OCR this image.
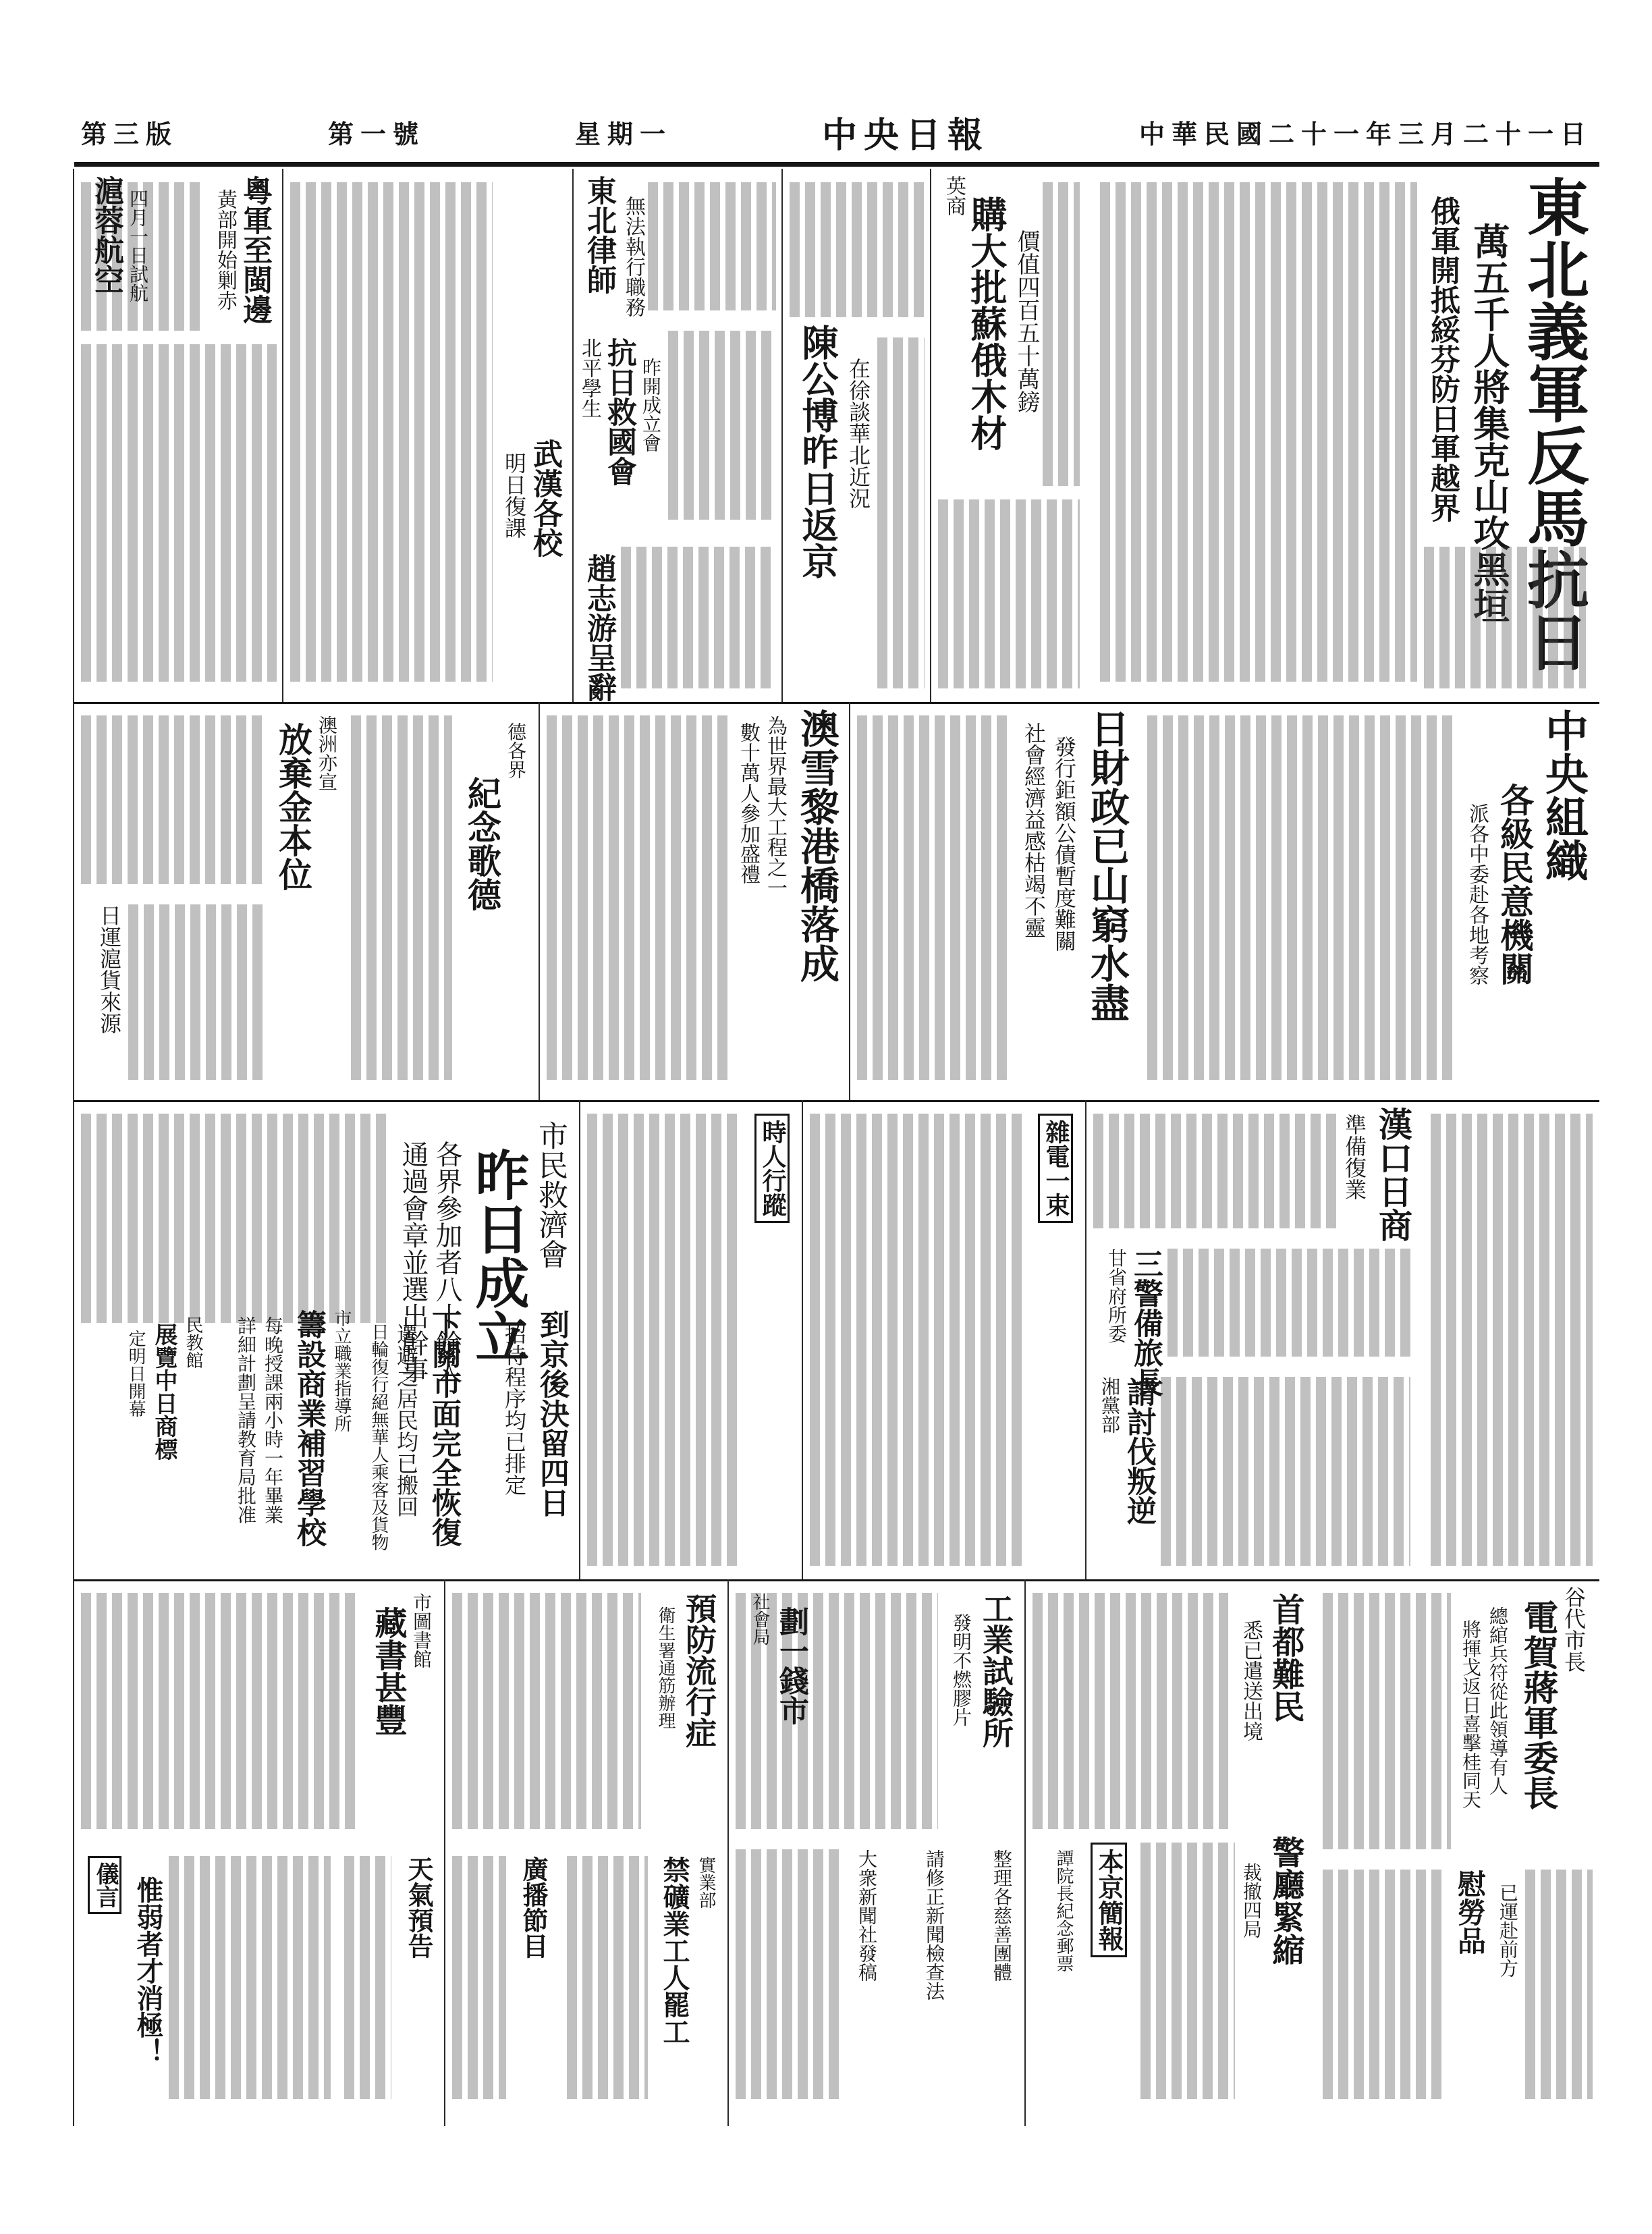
第三版	第一號	星期一	中央日報	中華民國二十一年三月二十一日
東北義軍反馬抗日
萬五千人將集克山攻黑垣
俄軍開抵綏芬防日軍越界
英商 購大批蘇俄木材 價值四百五十萬鎊
陳公博昨日返京 在徐談華北近況
東北律師 無法執行職務
北平學生 抗日救國會 昨開成立會
趙志游呈辭
武漢各校
明日復課
粵軍至閩邊
黃部開始剿赤
滬蓉航空 四月一日試航
中央組織
各級民意機關
派各中委赴各地考察
日財政已山窮水盡
發行鉅額公債暫度難關
社會經濟益感枯竭不靈
澳雪黎港橋落成
為世界最大工程之一
數十萬人參加盛禮
德各界
紀念歌德
澳洲亦宣
放棄金本位
日運滬貨來源
漢口日商
準備復業
甘省府所委 三警備旅長
湘黨部 請討伐叛逆
雜電一束
時人行蹤
市民救濟會
昨日成立
各界參加者八十餘人
通過會章並選出幹事
到京後決留四日
招待程序均已排定
下關市面完全恢復
遷避之居民均已搬回
日輪復行絕無華人乘客及貨物
市立職業指導所
籌設商業補習學校
每晚授課兩小時一年畢業
詳細計劃呈請教育局批准
民教館
展覽中日商標
定明日開幕
谷代市長
電賀蔣軍委長
總綰兵符從此領導有人
將揮戈返日喜擊桂同天
慰勞品 已運赴前方
首都難民
悉已遣送出境
警廳緊縮
裁撤四局
本京簡報
譚院長紀念郵票
工業試驗所
發明不燃膠片
社會局 劃一錢市
整理各慈善團體
請修正新聞檢查法
大衆新聞社發稿
預防流行症
衛生署通筋辦理
實業部
禁礦業工人罷工
廣播節目
市圖書館
藏書甚豐
天氣預告
儀言 惟弱者才消極！
